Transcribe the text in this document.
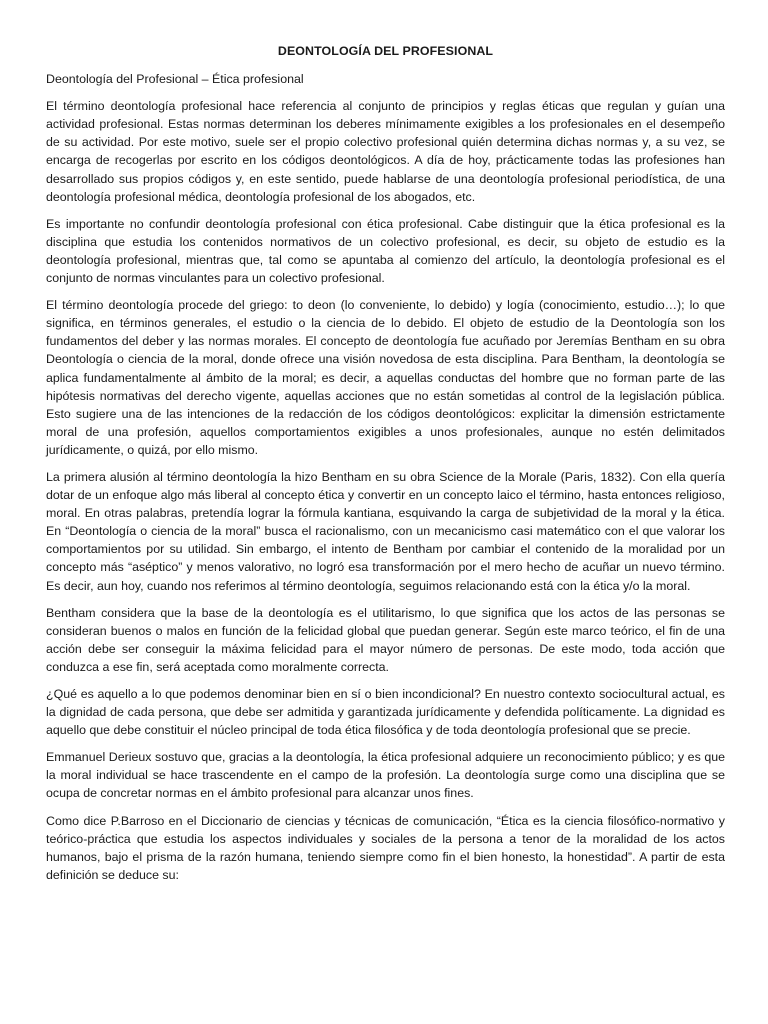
DEONTOLOGÍA DEL PROFESIONAL
Deontología del Profesional – Ética profesional

El término deontología profesional hace referencia al conjunto de principios y reglas éticas que regulan y guían una actividad profesional. Estas normas determinan los deberes mínimamente exigibles a los profesionales en el desempeño de su actividad. Por este motivo, suele ser el propio colectivo profesional quién determina dichas normas y, a su vez, se encarga de recogerlas por escrito en los códigos deontológicos. A día de hoy, prácticamente todas las profesiones han desarrollado sus propios códigos y, en este sentido, puede hablarse de una deontología profesional periodística, de una deontología profesional médica, deontología profesional de los abogados, etc.

Es importante no confundir deontología profesional con ética profesional. Cabe distinguir que la ética profesional es la disciplina que estudia los contenidos normativos de un colectivo profesional, es decir, su objeto de estudio es la deontología profesional, mientras que, tal como se apuntaba al comienzo del artículo, la deontología profesional es el conjunto de normas vinculantes para un colectivo profesional.

El término deontología procede del griego: to deon (lo conveniente, lo debido) y logía (conocimiento, estudio…); lo que significa, en términos generales, el estudio o la ciencia de lo debido. El objeto de estudio de la Deontología son los fundamentos del deber y las normas morales. El concepto de deontología fue acuñado por Jeremías Bentham en su obra Deontología o ciencia de la moral, donde ofrece una visión novedosa de esta disciplina. Para Bentham, la deontología se aplica fundamentalmente al ámbito de la moral; es decir, a aquellas conductas del hombre que no forman parte de las hipótesis normativas del derecho vigente, aquellas acciones que no están sometidas al control de la legislación pública. Esto sugiere una de las intenciones de la redacción de los códigos deontológicos: explicitar la dimensión estrictamente moral de una profesión, aquellos comportamientos exigibles a unos profesionales, aunque no estén delimitados jurídicamente, o quizá, por ello mismo.

La primera alusión al término deontología la hizo Bentham en su obra Science de la Morale (Paris, 1832). Con ella quería dotar de un enfoque algo más liberal al concepto ética y convertir en un concepto laico el término, hasta entonces religioso, moral. En otras palabras, pretendía lograr la fórmula kantiana, esquivando la carga de subjetividad de la moral y la ética. En “Deontología o ciencia de la moral” busca el racionalismo, con un mecanicismo casi matemático con el que valorar los comportamientos por su utilidad. Sin embargo, el intento de Bentham por cambiar el contenido de la moralidad por un concepto más “aséptico” y menos valorativo, no logró esa transformación por el mero hecho de acuñar un nuevo término. Es decir, aun hoy, cuando nos referimos al término deontología, seguimos relacionando está con la ética y/o la moral.

Bentham considera que la base de la deontología es el utilitarismo, lo que significa que los actos de las personas se consideran buenos o malos en función de la felicidad global que puedan generar. Según este marco teórico, el fin de una acción debe ser conseguir la máxima felicidad para el mayor número de personas. De este modo, toda acción que conduzca a ese fin, será aceptada como moralmente correcta.

¿Qué es aquello a lo que podemos denominar bien en sí o bien incondicional? En nuestro contexto sociocultural actual, es la dignidad de cada persona, que debe ser admitida y garantizada jurídicamente y defendida políticamente. La dignidad es aquello que debe constituir el núcleo principal de toda ética filosófica y de toda deontología profesional que se precie.

Emmanuel Derieux sostuvo que, gracias a la deontología, la ética profesional adquiere un reconocimiento público; y es que la moral individual se hace trascendente en el campo de la profesión. La deontología surge como una disciplina que se ocupa de concretar normas en el ámbito profesional para alcanzar unos fines.

Como dice P.Barroso en el Diccionario de ciencias y técnicas de comunicación, “Ética es la ciencia filosófico-normativo y teórico-práctica que estudia los aspectos individuales y sociales de la persona a tenor de la moralidad de los actos humanos, bajo el prisma de la razón humana, teniendo siempre como fin el bien honesto, la honestidad”. A partir de esta definición se deduce su:
